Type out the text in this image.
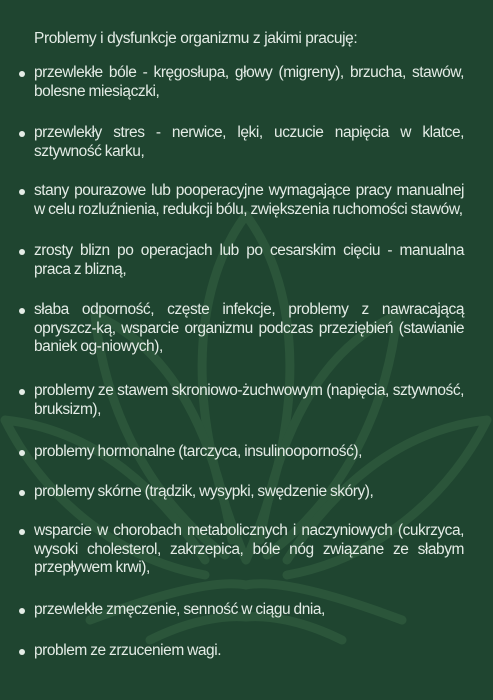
Problemy i dysfunkcje organizmu z jakimi pracuję:
przewlekłe bóle - kręgosłupa, głowy (migreny), brzucha, stawów, bolesne miesiączki,
przewlekły stres - nerwice, lęki, uczucie napięcia w klatce, sztywność karku,
stany pourazowe lub pooperacyjne wymagające pracy manualnej w celu rozluźnienia, redukcji bólu, zwiększenia ruchomości stawów,
zrosty blizn po operacjach lub po cesarskim cięciu - manualna praca z blizną,
słaba odporność, częste infekcje, problemy z nawracającą opryszcz-ką, wsparcie organizmu podczas przeziębień (stawianie baniek og-niowych),
problemy ze stawem skroniowo-żuchwowym (napięcia, sztywność, bruksizm),
problemy hormonalne (tarczyca, insulinooporność),
problemy skórne (trądzik, wysypki, swędzenie skóry),
wsparcie w chorobach metabolicznych i naczyniowych (cukrzyca, wysoki cholesterol, zakrzepica, bóle nóg związane ze słabym przepływem krwi),
przewlekłe zmęczenie, senność w ciągu dnia,
problem ze zrzuceniem wagi.
